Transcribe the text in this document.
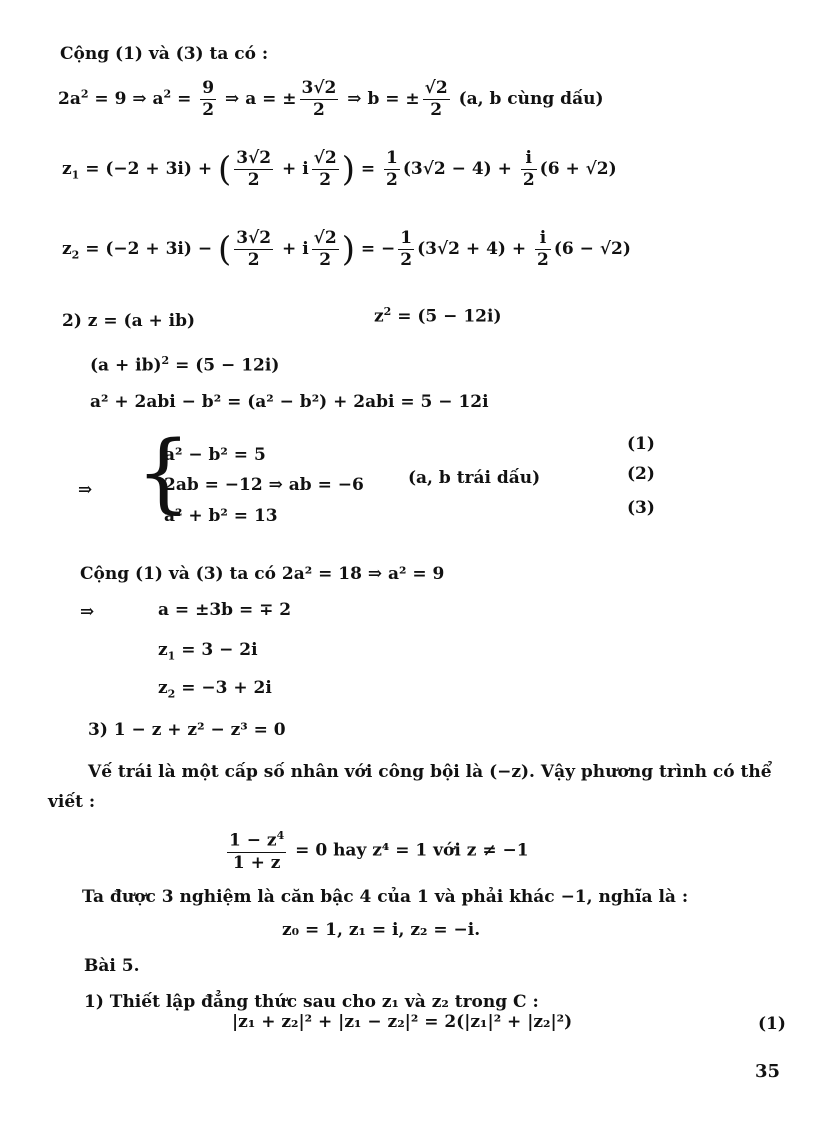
Cộng (1) và (3) ta có :
$2a^2 = 9$ ⇒ $a^2 = \frac{9}{2}$ ⇒ a = ± $\frac{3√2}{2}$ ⇒ b = ± $\frac{√2}{2} (a$, b cùng dấu)
$z_1 = (-2 + 3i)$ + ( $\frac{3√2}{2} + i \frac{√2}{2}$ ) = $\frac{1}{2} (3√2 - 4) + \frac{i}{2} (6 + √2)$
$z_2 = (-2 + 3i)$ − ( $\frac{3√2}{2} + i \frac{√2}{2}$ ) = − $\frac{1}{2} (3√2 + 4) + \frac{i}{2} (6 - √2)$
2) z = (a + ib)	$z^2 = (5 - 12i)$
(a + ib)$^2$ = (5 − 12i)
a² + 2abi − b² = (a² − b²) + 2abi = 5 − 12i
⇒ {
a² − b² = 5
2ab = −12 ⇒ ab = −6	(a, b trái dấu)
a² + b² = 13
(1)
(2)
(3)
Cộng (1) và (3) ta có 2a² = 18 ⇒ a² = 9
⇒	a = ±3b = ∓ 2
$z_1 = 3 - 2i$
$z_2 = -3 + 2i$
3) 1 − z + z² − z³ = 0
Vế trái là một cấp số nhân với công bội là (−z). Vậy phương trình có thể
viết :
$\frac{1 - z^4}{1 + z} = 0$ hay z⁴ = 1 với z ≠ −1
Ta được 3 nghiệm là căn bậc 4 của 1 và phải khác −1, nghĩa là :
z₀ = 1, z₁ = i, z₂ = −i.
Bài 5.
1) Thiết lập đẳng thức sau cho z₁ và z₂ trong C :
|z₁ + z₂|² + |z₁ − z₂|² = 2(|z₁|² + |z₂|²)	(1)
35
